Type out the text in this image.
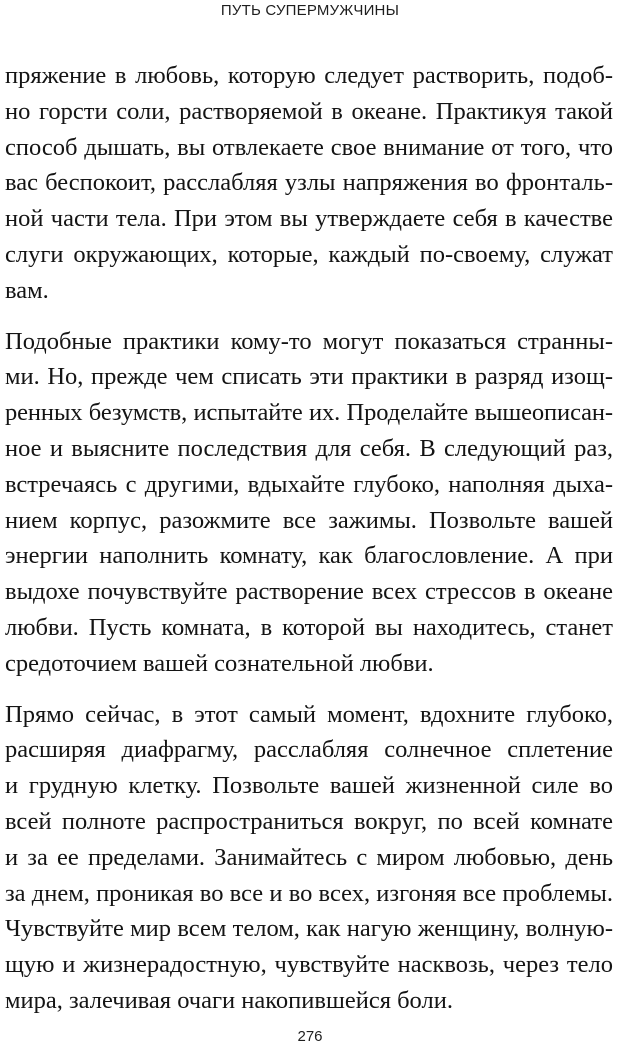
ПУТЬ СУПЕРМУЖЧИНЫ
пряжение в любовь, которую следует растворить, подоб-
но горсти соли, растворяемой в океане. Практикуя такой
способ дышать, вы отвлекаете свое внимание от того, что
вас беспокоит, расслабляя узлы напряжения во фронталь-
ной части тела. При этом вы утверждаете себя в качестве
слуги окружающих, которые, каждый по-своему, служат
вам.
Подобные практики кому-то могут показаться странны-
ми. Но, прежде чем списать эти практики в разряд изощ-
ренных безумств, испытайте их. Проделайте вышеописан-
ное и выясните последствия для себя. В следующий раз,
встречаясь с другими, вдыхайте глубоко, наполняя дыха-
нием корпус, разожмите все зажимы. Позвольте вашей
энергии наполнить комнату, как благословление. А при
выдохе почувствуйте растворение всех стрессов в океане
любви. Пусть комната, в которой вы находитесь, станет
средоточием вашей сознательной любви.
Прямо сейчас, в этот самый момент, вдохните глубоко,
расширяя диафрагму, расслабляя солнечное сплетение
и грудную клетку. Позвольте вашей жизненной силе во
всей полноте распространиться вокруг, по всей комнате
и за ее пределами. Занимайтесь с миром любовью, день
за днем, проникая во все и во всех, изгоняя все проблемы.
Чувствуйте мир всем телом, как нагую женщину, волную-
щую и жизнерадостную, чувствуйте насквозь, через тело
мира, залечивая очаги накопившейся боли.
276
